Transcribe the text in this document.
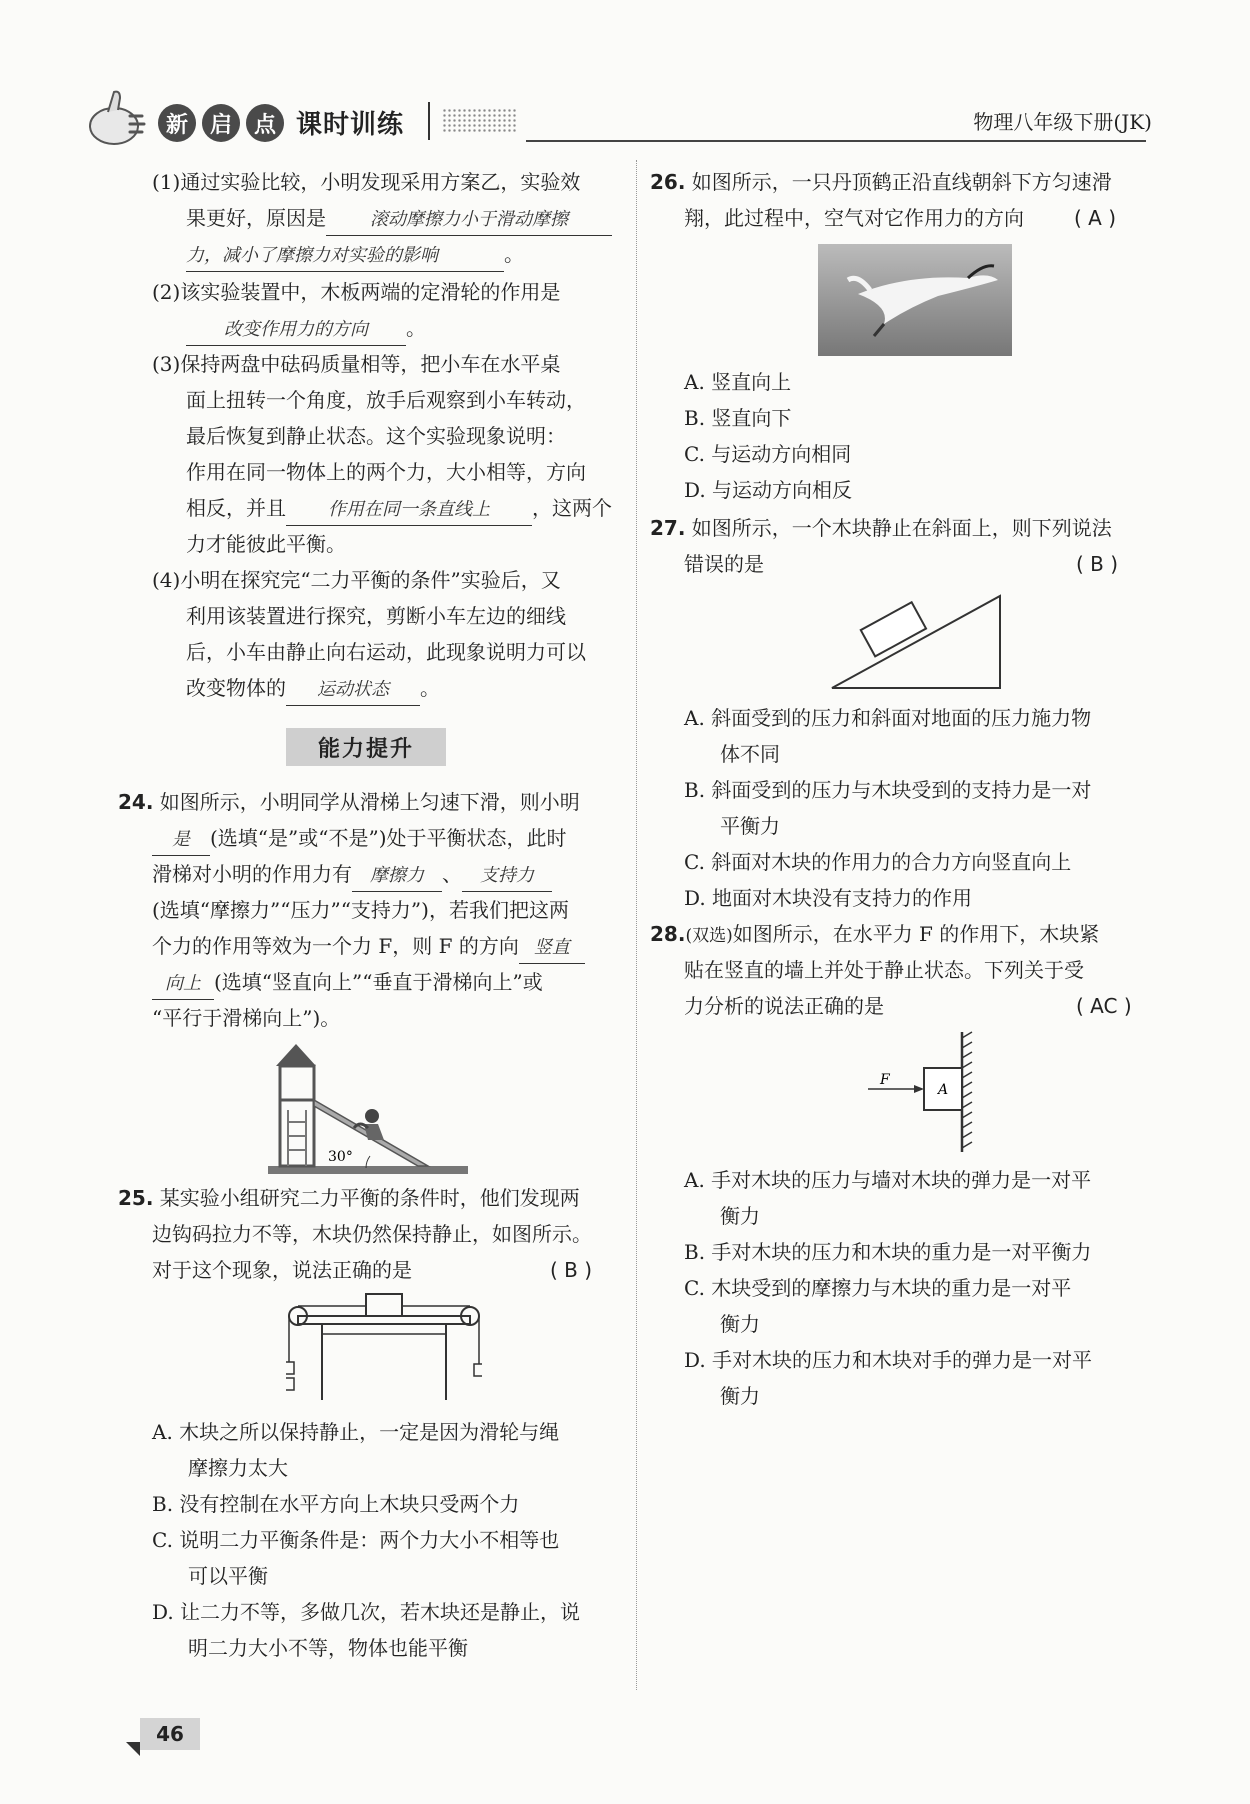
新 启 点 课时训练	物理八年级下册(JK)
(1)通过实验比较，小明发现采用方案乙，实验效
果更好，原因是 滚动摩擦力小于滑动摩擦
力，减小了摩擦力对实验的影响	。
(2)该实验装置中，木板两端的定滑轮的作用是
改变作用力的方向 。
(3)保持两盘中砝码质量相等，把小车在水平桌
面上扭转一个角度，放手后观察到小车转动，
最后恢复到静止状态。这个实验现象说明：
作用在同一物体上的两个力，大小相等，方向
相反，并且 作用在同一条直线上 ，这两个
力才能彼此平衡。
(4)小明在探究完“二力平衡的条件”实验后，又
利用该装置进行探究，剪断小车左边的细线
后，小车由静止向右运动，此现象说明力可以
改变物体的 运动状态 。
能力提升
24. 如图所示，小明同学从滑梯上匀速下滑，则小明
是 (选填“是”或“不是”)处于平衡状态，此时
滑梯对小明的作用力有 摩擦力 、 支持力
(选填“摩擦力”“压力”“支持力”)，若我们把这两
个力的作用等效为一个力 F，则 F 的方向 竖直
向上 (选填“竖直向上”“垂直于滑梯向上”或
“平行于滑梯向上”)。
30°
25. 某实验小组研究二力平衡的条件时，他们发现两
边钩码拉力不等，木块仍然保持静止，如图所示。
对于这个现象，说法正确的是	( B )
A. 木块之所以保持静止，一定是因为滑轮与绳
摩擦力太大
B. 没有控制在水平方向上木块只受两个力
C. 说明二力平衡条件是：两个力大小不相等也
可以平衡
D. 让二力不等，多做几次，若木块还是静止，说
明二力大小不等，物体也能平衡
26. 如图所示，一只丹顶鹤正沿直线朝斜下方匀速滑
翔，此过程中，空气对它作用力的方向	( A )
A. 竖直向上
B. 竖直向下
C. 与运动方向相同
D. 与运动方向相反
27. 如图所示，一个木块静止在斜面上，则下列说法
错误的是	( B )
A. 斜面受到的压力和斜面对地面的压力施力物
体不同
B. 斜面受到的压力与木块受到的支持力是一对
平衡力
C. 斜面对木块的作用力的合力方向竖直向上
D. 地面对木块没有支持力的作用
28.(双选)如图所示，在水平力 F 的作用下，木块紧
贴在竖直的墙上并处于静止状态。下列关于受
力分析的说法正确的是	( AC )
F
A
A. 手对木块的压力与墙对木块的弹力是一对平
衡力
B. 手对木块的压力和木块的重力是一对平衡力
C. 木块受到的摩擦力与木块的重力是一对平
衡力
D. 手对木块的压力和木块对手的弹力是一对平
衡力
46
